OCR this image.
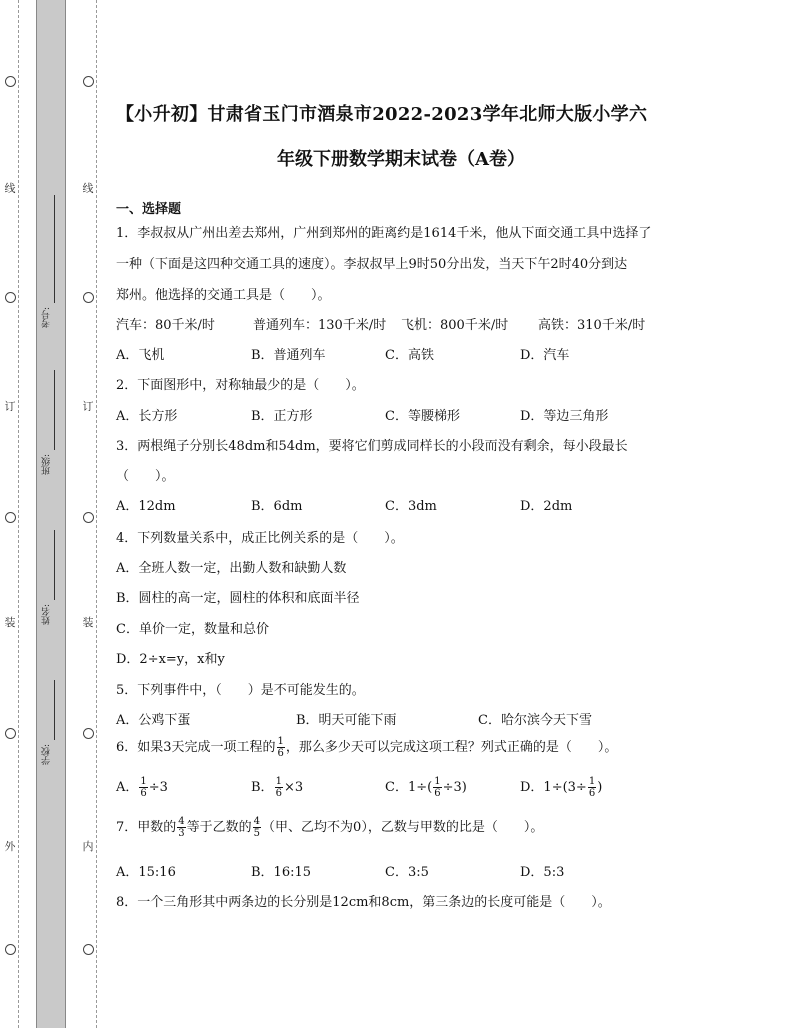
线
订
装
外
线
订
装
内
考号:
班级:
姓名:
学校:
【小升初】甘肃省玉门市酒泉市2022-2023学年北师大版小学六
年级下册数学期末试卷（A卷）
一、选择题
1．李叔叔从广州出差去郑州，广州到郑州的距离约是1614千米，他从下面交通工具中选择了
一种（下面是这四种交通工具的速度）。李叔叔早上9时50分出发，当天下午2时40分到达
郑州。他选择的交通工具是（　　）。
汽车：80千米/时	普通列车：130千米/时 飞机：800千米/时 高铁：310千米/时
A．飞机	B．普通列车	C．高铁	D．汽车
2．下面图形中，对称轴最少的是（　　）。
A．长方形	B．正方形	C．等腰梯形	D．等边三角形
3．两根绳子分别长48dm和54dm，要将它们剪成同样长的小段而没有剩余，每小段最长
（　　）。
A．12dm	B．6dm	C．3dm	D．2dm
4．下列数量关系中，成正比例关系的是（　　）。
A．全班人数一定，出勤人数和缺勤人数
B．圆柱的高一定，圆柱的体积和底面半径
C．单价一定，数量和总价
D．2÷x=y，x和y
5．下列事件中，（　　）是不可能发生的。
A．公鸡下蛋	B．明天可能下雨	C．哈尔滨今天下雪
6．如果3天完成一项工程的 $\frac{1}{6}$ ，那么多少天可以完成这项工程？列式正确的是（　　）。
A． $\frac{1}{6} \div 3$	B． $\frac{1}{6} \times 3$	C．$1\div( \frac{1}{6} \div 3)$	D．$1\div(3\div \frac{1}{6}$ )
7．甲数的 $\frac{4}{3}$ 等于乙数的 $\frac{4}{5}$ （甲、乙均不为0），乙数与甲数的比是（　　）。
A．15:16	B．16:15	C．3:5	D．5:3
8．一个三角形其中两条边的长分别是12cm和8cm，第三条边的长度可能是（　　）。
